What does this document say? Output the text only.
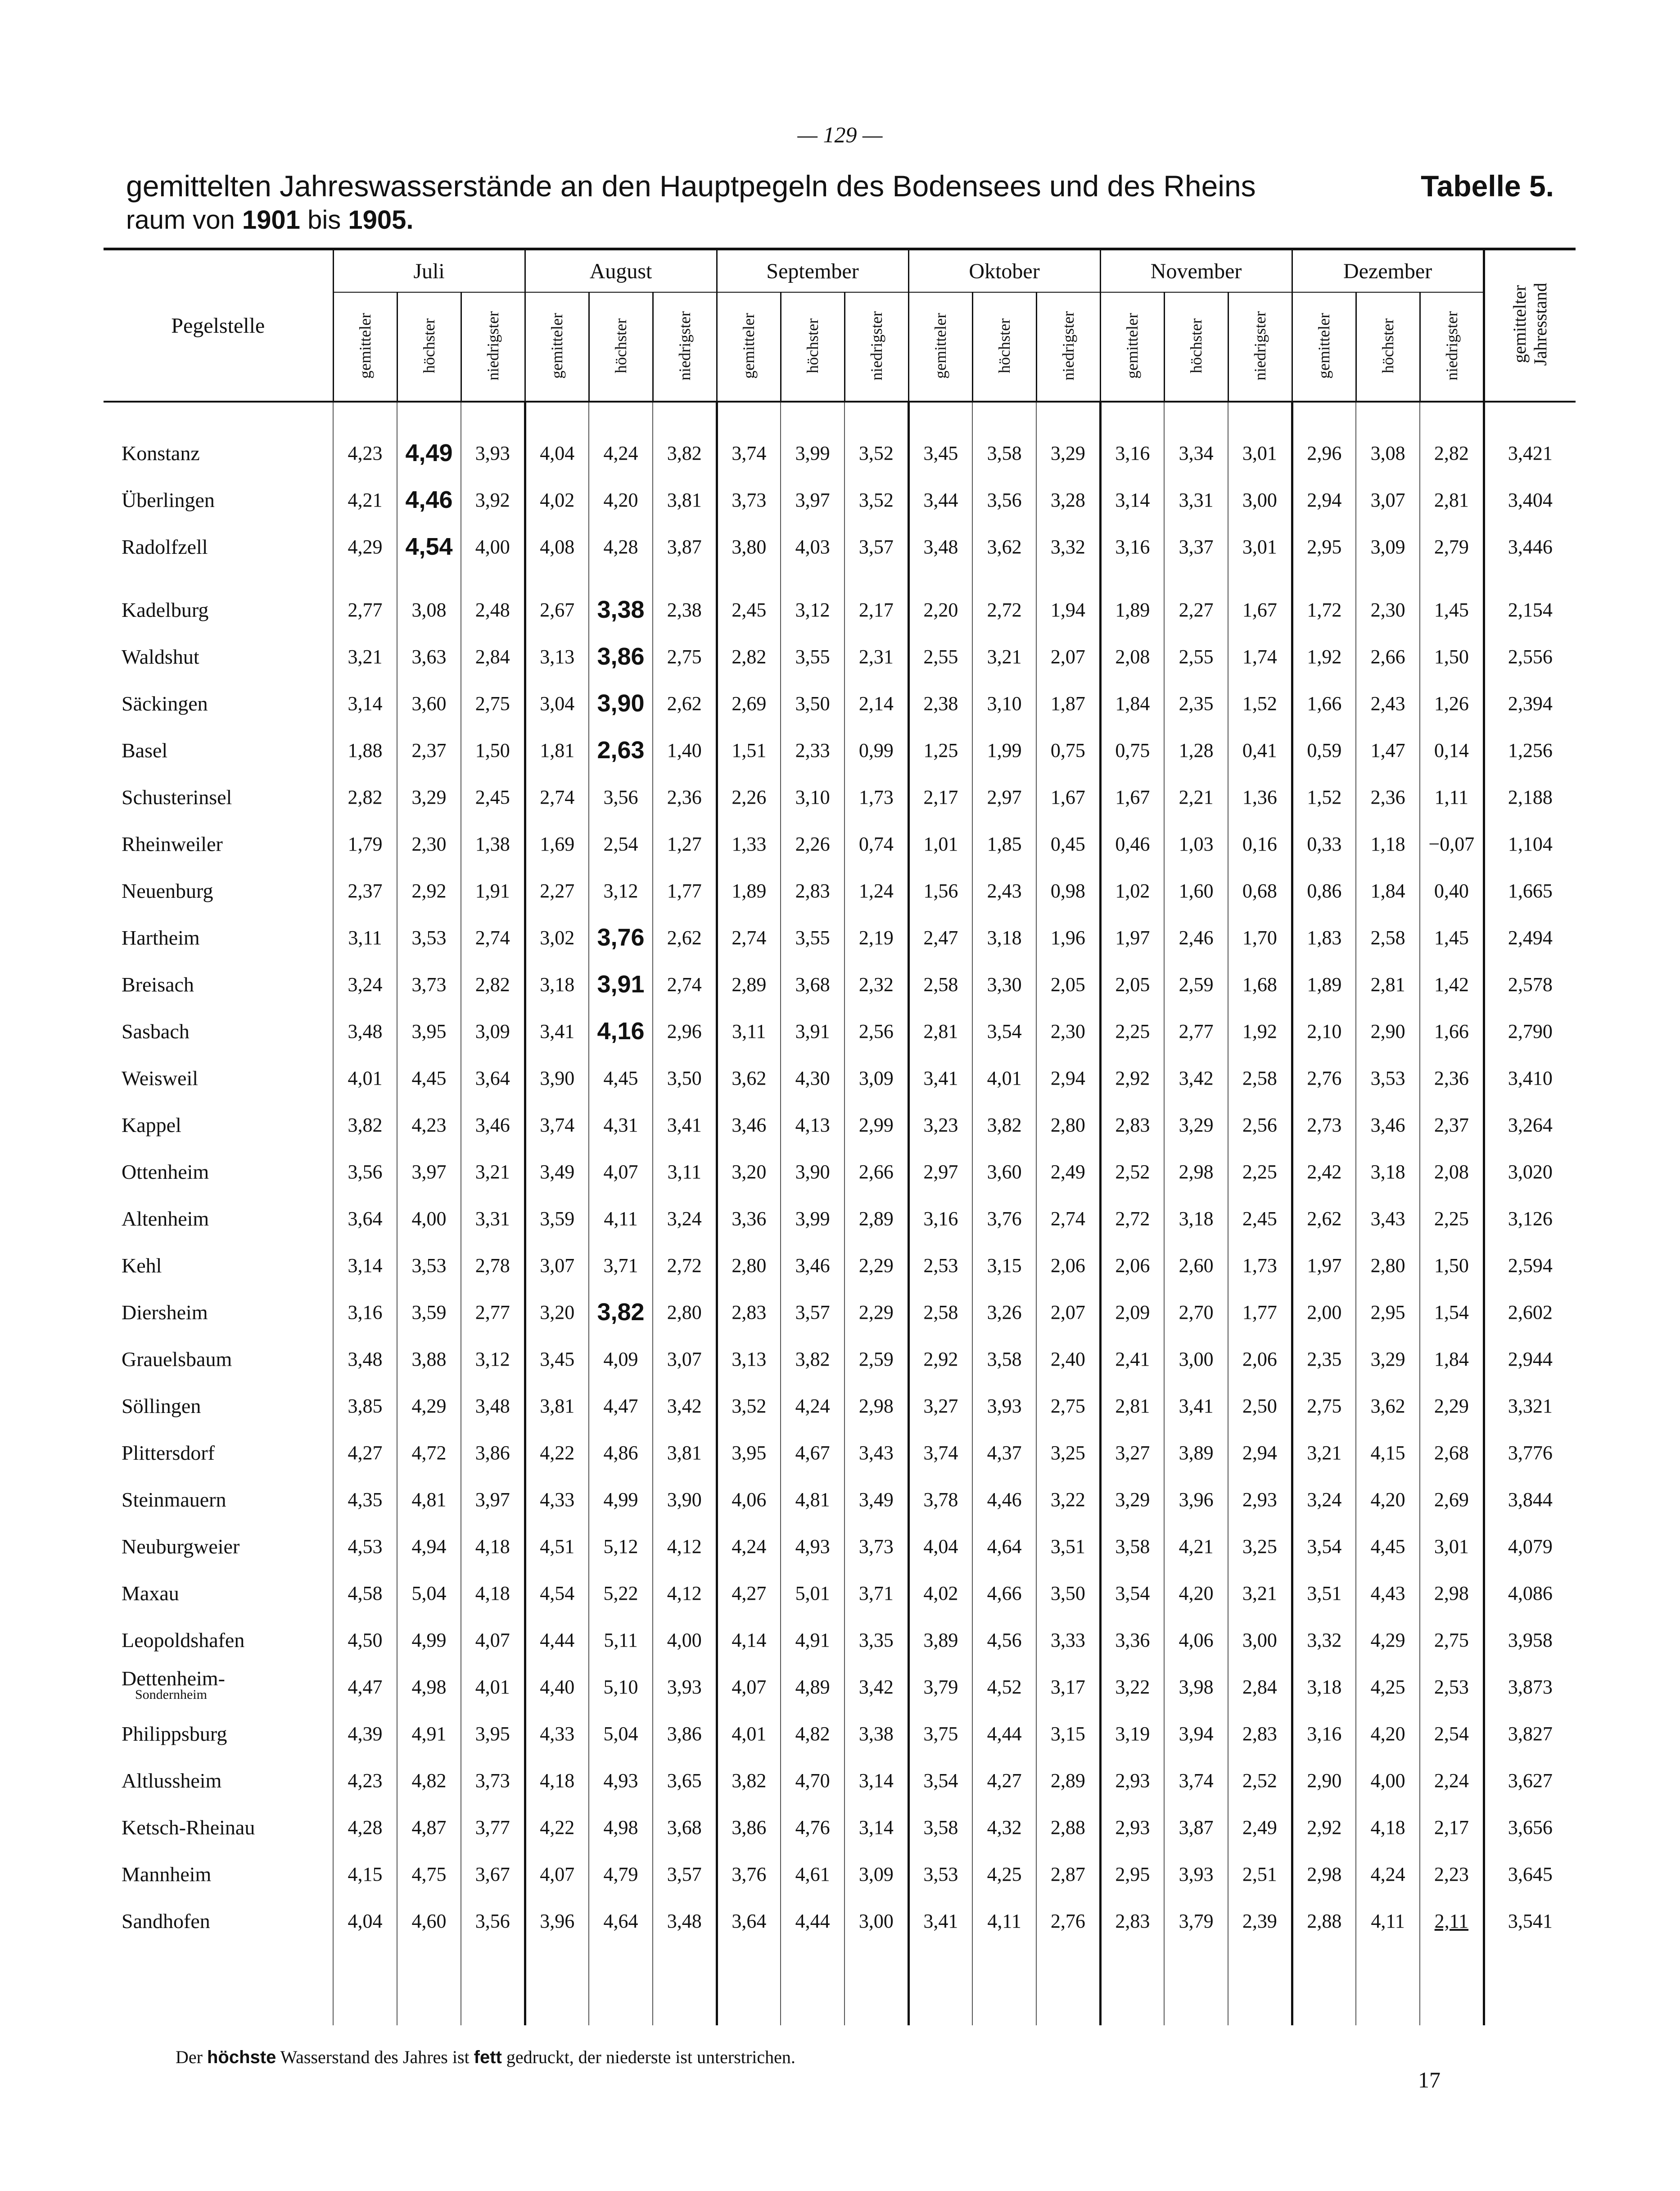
— 129 —
gemittelten Jahreswasserstände an den Hauptpegeln des Bodensees und des Rheins
raum von 1901 bis 1905.
Tabelle 5.
Pegelstelle	Juli			August			September			Oktober			November			Dezember			gemittelter
Jahresstand
	gemitteler	höchster	niedrigster	gemitteler	höchster	niedrigster	gemitteler	höchster	niedrigster	gemitteler	höchster	niedrigster	gemitteler	höchster	niedrigster	gemitteler	höchster	niedrigster	

Konstanz	4,23	4,49	3,93	4,04	4,24	3,82	3,74	3,99	3,52	3,45	3,58	3,29	3,16	3,34	3,01	2,96	3,08	2,82	3,421
Überlingen	4,21	4,46	3,92	4,02	4,20	3,81	3,73	3,97	3,52	3,44	3,56	3,28	3,14	3,31	3,00	2,94	3,07	2,81	3,404
Radolfzell	4,29	4,54	4,00	4,08	4,28	3,87	3,80	4,03	3,57	3,48	3,62	3,32	3,16	3,37	3,01	2,95	3,09	2,79	3,446

Kadelburg	2,77	3,08	2,48	2,67	3,38	2,38	2,45	3,12	2,17	2,20	2,72	1,94	1,89	2,27	1,67	1,72	2,30	1,45	2,154
Waldshut	3,21	3,63	2,84	3,13	3,86	2,75	2,82	3,55	2,31	2,55	3,21	2,07	2,08	2,55	1,74	1,92	2,66	1,50	2,556
Säckingen	3,14	3,60	2,75	3,04	3,90	2,62	2,69	3,50	2,14	2,38	3,10	1,87	1,84	2,35	1,52	1,66	2,43	1,26	2,394
Basel	1,88	2,37	1,50	1,81	2,63	1,40	1,51	2,33	0,99	1,25	1,99	0,75	0,75	1,28	0,41	0,59	1,47	0,14	1,256
Schusterinsel	2,82	3,29	2,45	2,74	3,56	2,36	2,26	3,10	1,73	2,17	2,97	1,67	1,67	2,21	1,36	1,52	2,36	1,11	2,188
Rheinweiler	1,79	2,30	1,38	1,69	2,54	1,27	1,33	2,26	0,74	1,01	1,85	0,45	0,46	1,03	0,16	0,33	1,18	−0,07	1,104
Neuenburg	2,37	2,92	1,91	2,27	3,12	1,77	1,89	2,83	1,24	1,56	2,43	0,98	1,02	1,60	0,68	0,86	1,84	0,40	1,665
Hartheim	3,11	3,53	2,74	3,02	3,76	2,62	2,74	3,55	2,19	2,47	3,18	1,96	1,97	2,46	1,70	1,83	2,58	1,45	2,494
Breisach	3,24	3,73	2,82	3,18	3,91	2,74	2,89	3,68	2,32	2,58	3,30	2,05	2,05	2,59	1,68	1,89	2,81	1,42	2,578
Sasbach	3,48	3,95	3,09	3,41	4,16	2,96	3,11	3,91	2,56	2,81	3,54	2,30	2,25	2,77	1,92	2,10	2,90	1,66	2,790
Weisweil	4,01	4,45	3,64	3,90	4,45	3,50	3,62	4,30	3,09	3,41	4,01	2,94	2,92	3,42	2,58	2,76	3,53	2,36	3,410
Kappel	3,82	4,23	3,46	3,74	4,31	3,41	3,46	4,13	2,99	3,23	3,82	2,80	2,83	3,29	2,56	2,73	3,46	2,37	3,264
Ottenheim	3,56	3,97	3,21	3,49	4,07	3,11	3,20	3,90	2,66	2,97	3,60	2,49	2,52	2,98	2,25	2,42	3,18	2,08	3,020
Altenheim	3,64	4,00	3,31	3,59	4,11	3,24	3,36	3,99	2,89	3,16	3,76	2,74	2,72	3,18	2,45	2,62	3,43	2,25	3,126
Kehl	3,14	3,53	2,78	3,07	3,71	2,72	2,80	3,46	2,29	2,53	3,15	2,06	2,06	2,60	1,73	1,97	2,80	1,50	2,594
Diersheim	3,16	3,59	2,77	3,20	3,82	2,80	2,83	3,57	2,29	2,58	3,26	2,07	2,09	2,70	1,77	2,00	2,95	1,54	2,602
Grauelsbaum	3,48	3,88	3,12	3,45	4,09	3,07	3,13	3,82	2,59	2,92	3,58	2,40	2,41	3,00	2,06	2,35	3,29	1,84	2,944
Söllingen	3,85	4,29	3,48	3,81	4,47	3,42	3,52	4,24	2,98	3,27	3,93	2,75	2,81	3,41	2,50	2,75	3,62	2,29	3,321
Plittersdorf	4,27	4,72	3,86	4,22	4,86	3,81	3,95	4,67	3,43	3,74	4,37	3,25	3,27	3,89	2,94	3,21	4,15	2,68	3,776
Steinmauern	4,35	4,81	3,97	4,33	4,99	3,90	4,06	4,81	3,49	3,78	4,46	3,22	3,29	3,96	2,93	3,24	4,20	2,69	3,844
Neuburgweier	4,53	4,94	4,18	4,51	5,12	4,12	4,24	4,93	3,73	4,04	4,64	3,51	3,58	4,21	3,25	3,54	4,45	3,01	4,079
Maxau	4,58	5,04	4,18	4,54	5,22	4,12	4,27	5,01	3,71	4,02	4,66	3,50	3,54	4,20	3,21	3,51	4,43	2,98	4,086
Leopoldshafen	4,50	4,99	4,07	4,44	5,11	4,00	4,14	4,91	3,35	3,89	4,56	3,33	3,36	4,06	3,00	3,32	4,29	2,75	3,958
Dettenheim-
Sondernheim	4,47	4,98	4,01	4,40	5,10	3,93	4,07	4,89	3,42	3,79	4,52	3,17	3,22	3,98	2,84	3,18	4,25	2,53	3,873
Philippsburg	4,39	4,91	3,95	4,33	5,04	3,86	4,01	4,82	3,38	3,75	4,44	3,15	3,19	3,94	2,83	3,16	4,20	2,54	3,827
Altlussheim	4,23	4,82	3,73	4,18	4,93	3,65	3,82	4,70	3,14	3,54	4,27	2,89	2,93	3,74	2,52	2,90	4,00	2,24	3,627
Ketsch-Rheinau	4,28	4,87	3,77	4,22	4,98	3,68	3,86	4,76	3,14	3,58	4,32	2,88	2,93	3,87	2,49	2,92	4,18	2,17	3,656
Mannheim	4,15	4,75	3,67	4,07	4,79	3,57	3,76	4,61	3,09	3,53	4,25	2,87	2,95	3,93	2,51	2,98	4,24	2,23	3,645
Sandhofen	4,04	4,60	3,56	3,96	4,64	3,48	3,64	4,44	3,00	3,41	4,11	2,76	2,83	3,79	2,39	2,88	4,11	2,11	3,541

Der höchste Wasserstand des Jahres ist fett gedruckt, der niederste ist unterstrichen.
17
